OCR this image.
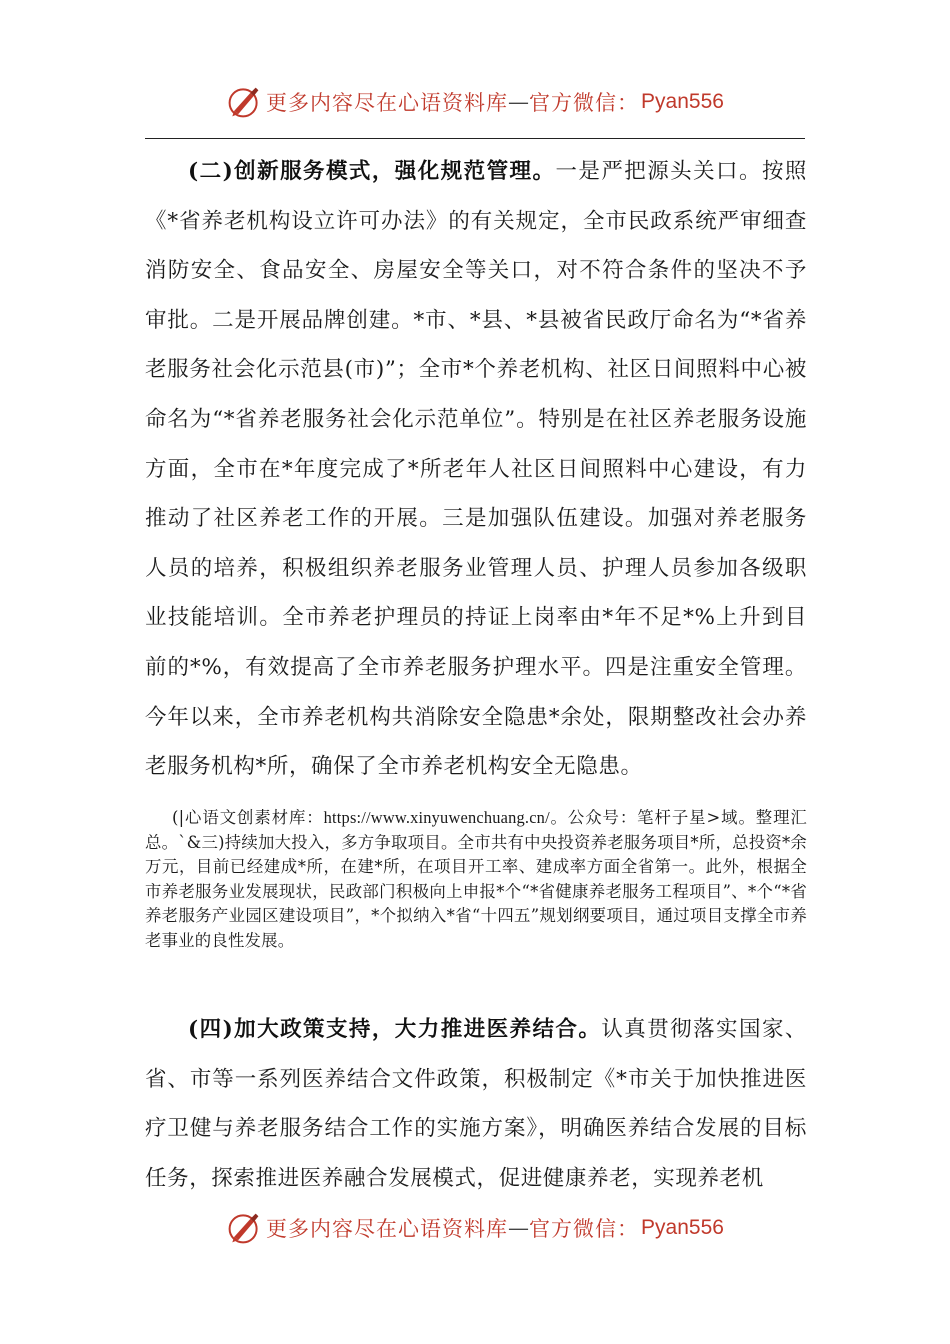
更多内容尽在心语资料库 — 官方微信： Pyan556
(二)创新服务模式，强化规范管理。一是严把源头关口。按照《*省养老机构设立许可办法》的有关规定，全市民政系统严审细查消防安全、食品安全、房屋安全等关口，对不符合条件的坚决不予审批。二是开展品牌创建。*市、*县、*县被省民政厅命名为“*省养老服务社会化示范县(市)”；全市*个养老机构、社区日间照料中心被命名为“*省养老服务社会化示范单位”。特别是在社区养老服务设施方面，全市在*年度完成了*所老年人社区日间照料中心建设，有力推动了社区养老工作的开展。三是加强队伍建设。加强对养老服务人员的培养，积极组织养老服务业管理人员、护理人员参加各级职业技能培训。全市养老护理员的持证上岗率由*年不足*%上升到目前的*%，有效提高了全市养老服务护理水平。四是注重安全管理。今年以来，全市养老机构共消除安全隐患*余处，限期整改社会办养老服务机构*所，确保了全市养老机构安全无隐患。
(|心语文创素材库：https://www.xinyuwenchuang.cn/。公众号：笔杆子星>域。整理汇总。`&三)持续加大投入，多方争取项目。全市共有中央投资养老服务项目*所，总投资*余万元，目前已经建成*所，在建*所，在项目开工率、建成率方面全省第一。此外，根据全市养老服务业发展现状，民政部门积极向上申报*个“*省健康养老服务工程项目”、*个“*省养老服务产业园区建设项目”，*个拟纳入*省“十四五”规划纲要项目，通过项目支撑全市养老事业的良性发展。
(四)加大政策支持，大力推进医养结合。认真贯彻落实国家、省、市等一系列医养结合文件政策，积极制定《*市关于加快推进医疗卫健与养老服务结合工作的实施方案》，明确医养结合发展的目标任务，探索推进医养融合发展模式，促进健康养老，实现养老机
更多内容尽在心语资料库 — 官方微信： Pyan556
